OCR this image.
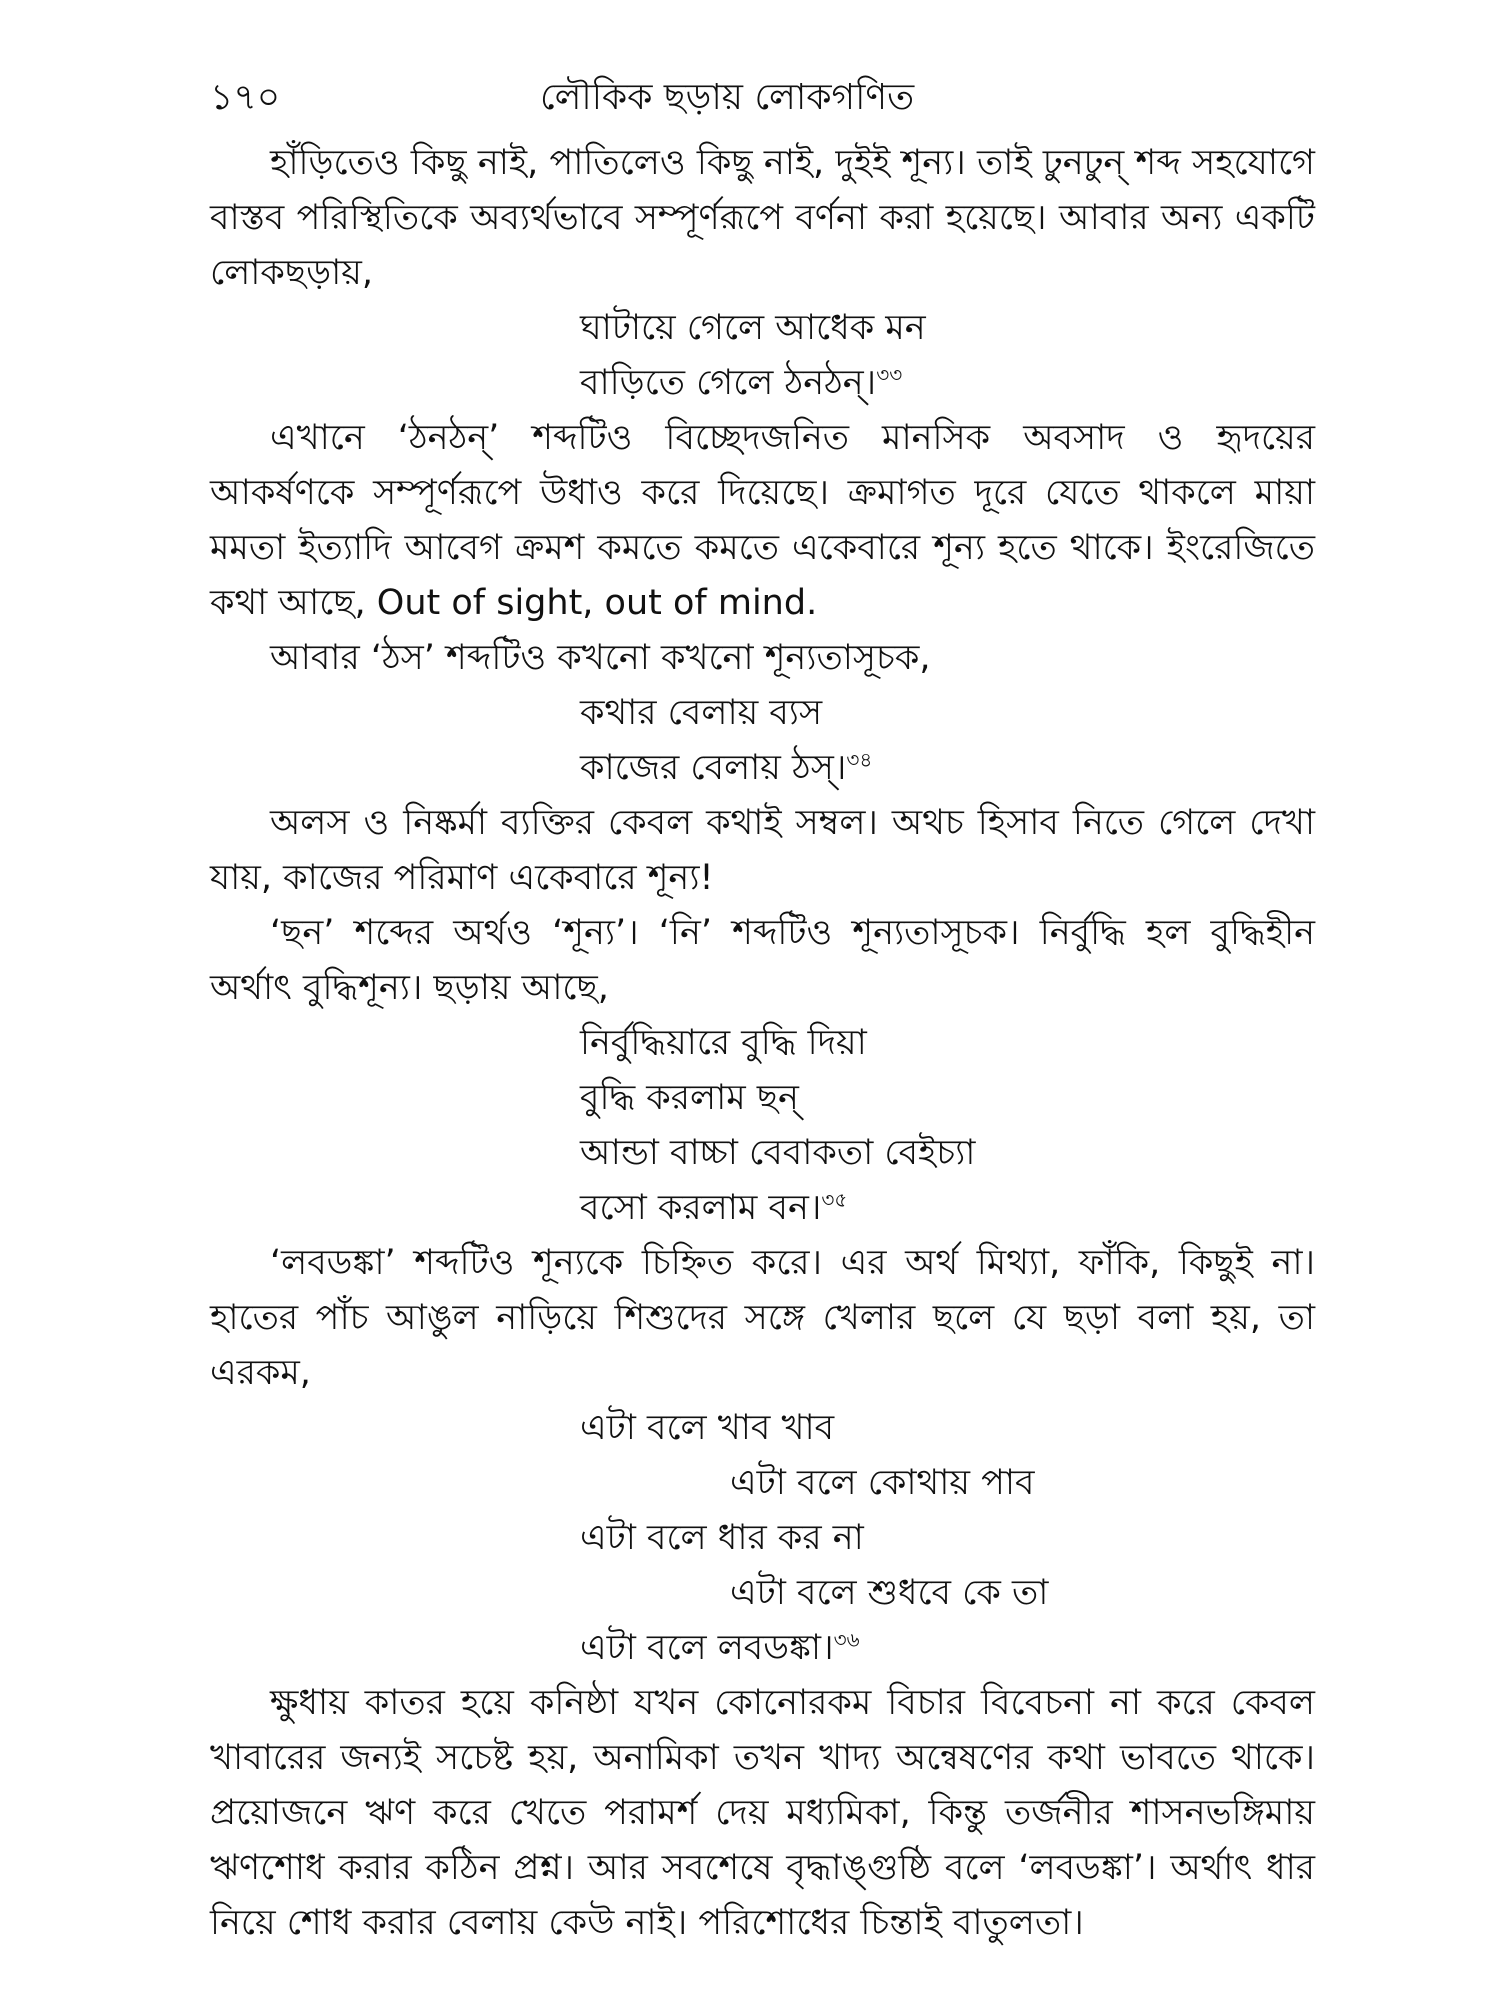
১৭০	লৌকিক ছড়ায় লোকগণিত

হাঁড়িতেও কিছু নাই, পাতিলেও কিছু নাই, দুইই শূন্য। তাই ঢুনঢুন্ শব্দ সহযোগে বাস্তব পরিস্থিতিকে অব্যর্থভাবে সম্পূর্ণরূপে বর্ণনা করা হয়েছে। আবার অন্য একটি লোকছড়ায়,

ঘাটায়ে গেলে আধেক মন
বাড়িতে গেলে ঠনঠন্।$^{৩৩}$

এখানে ‘ঠনঠন্’ শব্দটিও বিচ্ছেদজনিত মানসিক অবসাদ ও হৃদয়ের আকর্ষণকে সম্পূর্ণরূপে উধাও করে দিয়েছে। ক্রমাগত দূরে যেতে থাকলে মায়া মমতা ইত্যাদি আবেগ ক্রমশ কমতে কমতে একেবারে শূন্য হতে থাকে। ইংরেজিতে কথা আছে, Out of sight, out of mind.

আবার ‘ঠস’ শব্দটিও কখনো কখনো শূন্যতাসূচক,

কথার বেলায় ব্যস
কাজের বেলায় ঠস্।$^{৩৪}$

অলস ও নিষ্কর্মা ব্যক্তির কেবল কথাই সম্বল। অথচ হিসাব নিতে গেলে দেখা যায়, কাজের পরিমাণ একেবারে শূন্য!

‘ছন’ শব্দের অর্থও ‘শূন্য’। ‘নি’ শব্দটিও শূন্যতাসূচক। নির্বুদ্ধি হল বুদ্ধিহীন অর্থাৎ বুদ্ধিশূন্য। ছড়ায় আছে,

নির্বুদ্ধিয়ারে বুদ্ধি দিয়া
বুদ্ধি করলাম ছন্
আন্ডা বাচ্চা বেবাকতা বেইচ্যা
বসো করলাম বন।$^{৩৫}$

‘লবডঙ্কা’ শব্দটিও শূন্যকে চিহ্নিত করে। এর অর্থ মিথ্যা, ফাঁকি, কিছুই না। হাতের পাঁচ আঙুল নাড়িয়ে শিশুদের সঙ্গে খেলার ছলে যে ছড়া বলা হয়, তা এরকম,

এটা বলে খাব খাব
এটা বলে কোথায় পাব
এটা বলে ধার কর না
এটা বলে শুধবে কে তা
এটা বলে লবডঙ্কা।$^{৩৬}$

ক্ষুধায় কাতর হয়ে কনিষ্ঠা যখন কোনোরকম বিচার বিবেচনা না করে কেবল খাবারের জন্যই সচেষ্ট হয়, অনামিকা তখন খাদ্য অন্বেষণের কথা ভাবতে থাকে। প্রয়োজনে ঋণ করে খেতে পরামর্শ দেয় মধ্যমিকা, কিন্তু তর্জনীর শাসনভঙ্গিমায় ঋণশোধ করার কঠিন প্রশ্ন। আর সবশেষে বৃদ্ধাঙ্গুষ্ঠি বলে ‘লবডঙ্কা’। অর্থাৎ ধার নিয়ে শোধ করার বেলায় কেউ নাই। পরিশোধের চিন্তাই বাতুলতা।
